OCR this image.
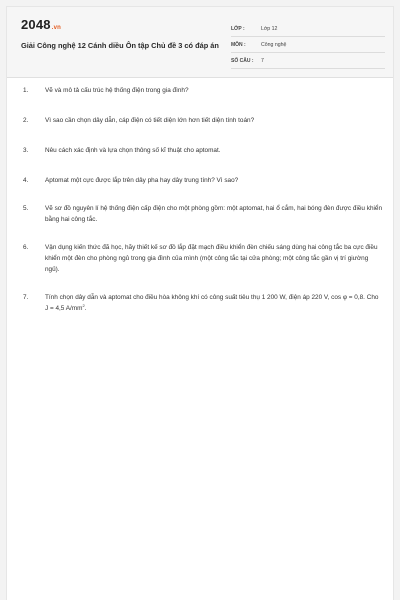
2048.vn
Giải Công nghệ 12 Cánh diều Ôn tập Chủ đề 3 có đáp án
LỚP :	Lớp 12
MÔN :	Công nghệ
SỐ CÂU :	7
1.	Vẽ và mô tả cấu trúc hệ thống điện trong gia đình?
2.	Vì sao cần chọn dây dẫn, cáp điện có tiết diện lớn hơn tiết diện tính toán?
3.	Nêu cách xác định và lựa chọn thông số kĩ thuật cho aptomat.
4.	Aptomat một cực được lắp trên dây pha hay dây trung tính? Vì sao?
5.	Vẽ sơ đồ nguyên lí hệ thống điện cấp điện cho một phòng gồm: một aptomat, hai ổ cắm, hai bóng đèn được điều khiển bằng hai công tắc.
6.	Vận dụng kiến thức đã học, hãy thiết kế sơ đồ lắp đặt mạch điều khiển đèn chiếu sáng dùng hai công tắc ba cực điều khiển một đèn cho phòng ngủ trong gia đình của mình (một công tắc tại cửa phòng; một công tắc gần vị trí giường ngủ).
7.	Tính chọn dây dẫn và aptomat cho điều hòa không khí có công suất tiêu thụ 1 200 W, điện áp 220 V, cos φ = 0,8. Cho J = 4,5 $A/mm^2$.
